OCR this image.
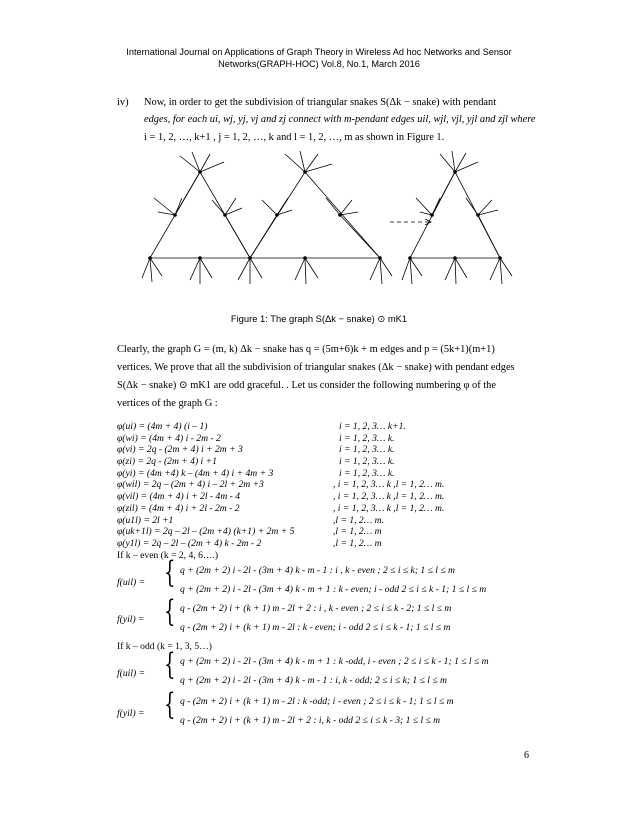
International Journal on Applications of Graph Theory in Wireless Ad hoc Networks and Sensor
Networks(GRAPH-HOC) Vol.8, No.1, March 2016
iv) Now, in order to get the subdivision of triangular snakes S(Δk − snake) with pendant
edges, for each ui, wj, yj, vj and zj connect with m-pendant edges uil, wjl, vjl, yjl and zjl where
i = 1, 2, …, k+1 , j = 1, 2, …, k and l = 1, 2, …, m as shown in Figure 1.
Figure 1: The graph S(Δk − snake) ⊙ mK1
Clearly, the graph G = (m, k) Δk − snake has q = (5m+6)k + m edges and p = (5k+1)(m+1)
vertices. We prove that all the subdivision of triangular snakes (Δk − snake) with pendant edges
S(Δk − snake) ⊙ mK1 are odd graceful. . Let us consider the following numbering φ of the
vertices of the graph G :
φ(ui) = (4m + 4) (i – 1)	i = 1, 2, 3… k+1.
φ(wi) = (4m + 4) i - 2m - 2	i = 1, 2, 3… k.
φ(vi) = 2q - (2m + 4) i + 2m + 3	i = 1, 2, 3… k.
φ(zi) = 2q - (2m + 4) i +1	i = 1, 2, 3… k.
φ(yi) = (4m +4) k – (4m + 4) i + 4m + 3	i = 1, 2, 3… k.
φ(wil) = 2q – (2m + 4) i – 2l + 2m +3	, i = 1, 2, 3… k ,l = 1, 2… m.
φ(vil) = (4m + 4) i + 2l - 4m - 4	, i = 1, 2, 3… k ,l = 1, 2… m.
φ(zil) = (4m + 4) i + 2l - 2m - 2	, i = 1, 2, 3… k ,l = 1, 2… m.
φ(u1l) = 2l +1	,l = 1, 2… m.
φ(uk+1l) = 2q – 2l – (2m +4) (k+1) + 2m + 5	,l = 1, 2… m
φ(y1l) = 2q – 2l – (2m + 4) k - 2m - 2	,l = 1, 2… m
If k – even (k = 2, 4, 6….)
f(uil) = { q + (2m + 2) i - 2l - (3m + 4) k - m - 1 : i , k - even ; 2 ≤ i ≤ k; 1 ≤ l ≤ m
q + (2m + 2) i - 2l - (3m + 4) k - m + 1 : k - even; i - odd 2 ≤ i ≤ k - 1; 1 ≤ l ≤ m
f(yil) = { q - (2m + 2) i + (k + 1) m - 2l + 2 : i , k - even ; 2 ≤ i ≤ k - 2; 1 ≤ l ≤ m
q - (2m + 2) i + (k + 1) m - 2l : k - even; i - odd 2 ≤ i ≤ k - 1; 1 ≤ l ≤ m
If k – odd (k = 1, 3, 5…)
f(uil) = { q + (2m + 2) i - 2l - (3m + 4) k - m + 1 : k -odd, i - even ; 2 ≤ i ≤ k - 1; 1 ≤ l ≤ m
q + (2m + 2) i - 2l - (3m + 4) k - m - 1 : i, k - odd; 2 ≤ i ≤ k; 1 ≤ l ≤ m
f(yil) = { q - (2m + 2) i + (k + 1) m - 2l : k -odd; i - even ; 2 ≤ i ≤ k - 1; 1 ≤ l ≤ m
q - (2m + 2) i + (k + 1) m - 2l + 2 : i, k - odd 2 ≤ i ≤ k - 3; 1 ≤ l ≤ m
6
